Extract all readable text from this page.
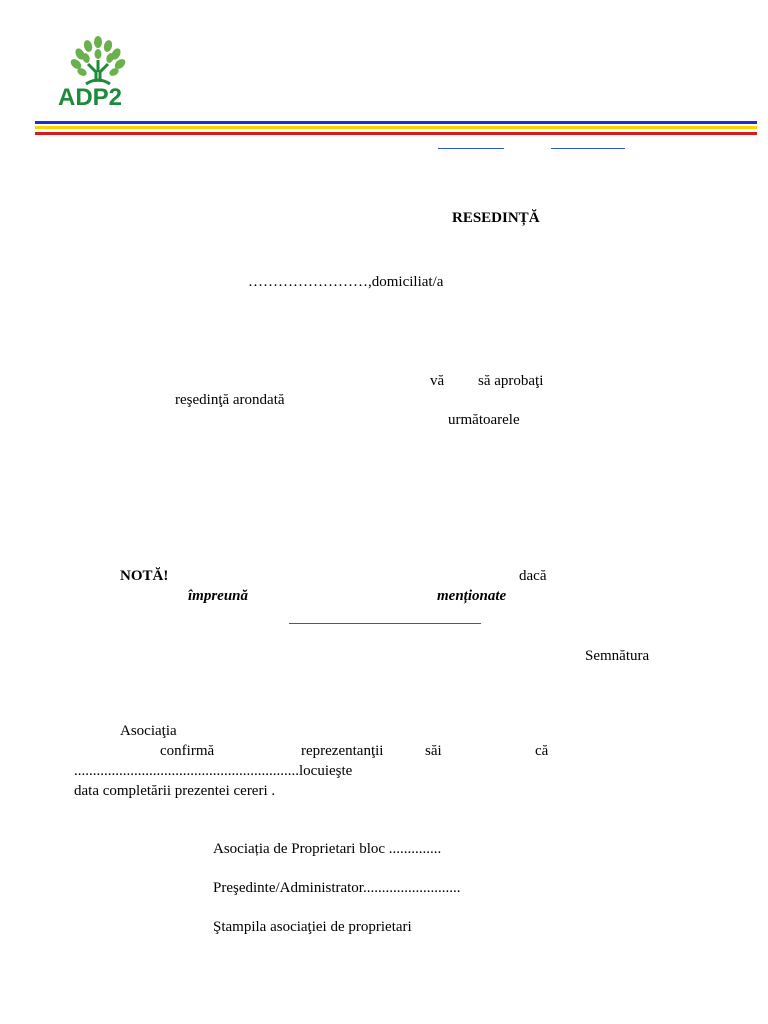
ADP2
RESEDINȚĂ
……………………,domiciliat/a
vă să aprobaţi
reşedinţă arondată
următoarele
NOTĂ!	dacă
împreună	menționate
Semnătura
Asociaţia
confirmă	reprezentanţii	săi	că
............................................................locuieşte
data completării prezentei cereri .
Asociația de Proprietari bloc ..............
Preşedinte/Administrator..........................
Ştampila asociaţiei de proprietari
